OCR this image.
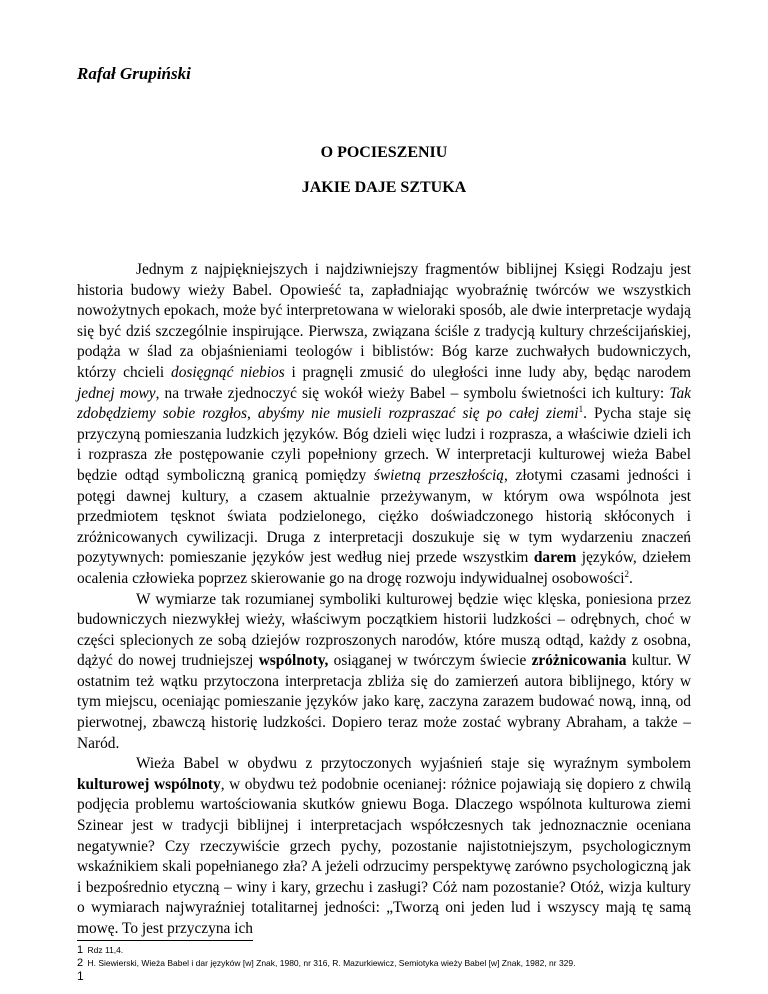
Rafał Grupiński
O POCIESZENIU
JAKIE DAJE SZTUKA

Jednym z najpiękniejszych i najdziwniejszy fragmentów biblijnej Księgi Rodzaju jest historia budowy wieży Babel. Opowieść ta, zapładniając wyobraźnię twórców we wszystkich nowożytnych epokach, może być interpretowana w wieloraki sposób, ale dwie interpretacje wydają się być dziś szczególnie inspirujące. Pierwsza, związana ściśle z tradycją kultury chrześcijańskiej, podąża w ślad za objaśnieniami teologów i biblistów: Bóg karze zuchwałych budowniczych, którzy chcieli dosięgnąć niebios i pragnęli zmusić do uległości inne ludy aby, będąc narodem jednej mowy, na trwałe zjednoczyć się wokół wieży Babel – symbolu świetności ich kultury: Tak zdobędziemy sobie rozgłos, abyśmy nie musieli rozpraszać się po całej ziemi$^1$. Pycha staje się przyczyną pomieszania ludzkich języków. Bóg dzieli więc ludzi i rozprasza, a właściwie dzieli ich i rozprasza złe postępowanie czyli popełniony grzech. W interpretacji kulturowej wieża Babel będzie odtąd symboliczną granicą pomiędzy świetną przeszłością, złotymi czasami jedności i potęgi dawnej kultury, a czasem aktualnie przeżywanym, w którym owa wspólnota jest przedmiotem tęsknot świata podzielonego, ciężko doświadczonego historią skłóconych i zróżnicowanych cywilizacji. Druga z interpretacji doszukuje się w tym wydarzeniu znaczeń pozytywnych: pomieszanie języków jest według niej przede wszystkim darem języków, dziełem ocalenia człowieka poprzez skierowanie go na drogę rozwoju indywidualnej osobowości$^2$.

W wymiarze tak rozumianej symboliki kulturowej będzie więc klęska, poniesiona przez budowniczych niezwykłej wieży, właściwym początkiem historii ludzkości – odrębnych, choć w części splecionych ze sobą dziejów rozproszonych narodów, które muszą odtąd, każdy z osobna, dążyć do nowej trudniejszej wspólnoty, osiąganej w twórczym świecie zróżnicowania kultur. W ostatnim też wątku przytoczona interpretacja zbliża się do zamierzeń autora biblijnego, który w tym miejscu, oceniając pomieszanie języków jako karę, zaczyna zarazem budować nową, inną, od pierwotnej, zbawczą historię ludzkości. Dopiero teraz może zostać wybrany Abraham, a także – Naród.

Wieża Babel w obydwu z przytoczonych wyjaśnień staje się wyraźnym symbolem kulturowej wspólnoty, w obydwu też podobnie ocenianej: różnice pojawiają się dopiero z chwilą podjęcia problemu wartościowania skutków gniewu Boga. Dlaczego wspólnota kulturowa ziemi Szinear jest w tradycji biblijnej i interpretacjach współczesnych tak jednoznacznie oceniana negatywnie? Czy rzeczywiście grzech pychy, pozostanie najistotniejszym, psychologicznym wskaźnikiem skali popełnianego zła? A jeżeli odrzucimy perspektywę zarówno psychologiczną jak i bezpośrednio etyczną – winy i kary, grzechu i zasługi? Cóż nam pozostanie? Otóż, wizja kultury o wymiarach najwyraźniej totalitarnej jedności: „Tworzą oni jeden lud i wszyscy mają tę samą mowę. To jest przyczyna ich

1 Rdz 11,4.
2 H. Siewierski, Wieża Babel i dar języków [w] Znak, 1980, nr 316, R. Mazurkiewicz, Semiotyka wieży Babel [w] Znak, 1982, nr 329.
1
